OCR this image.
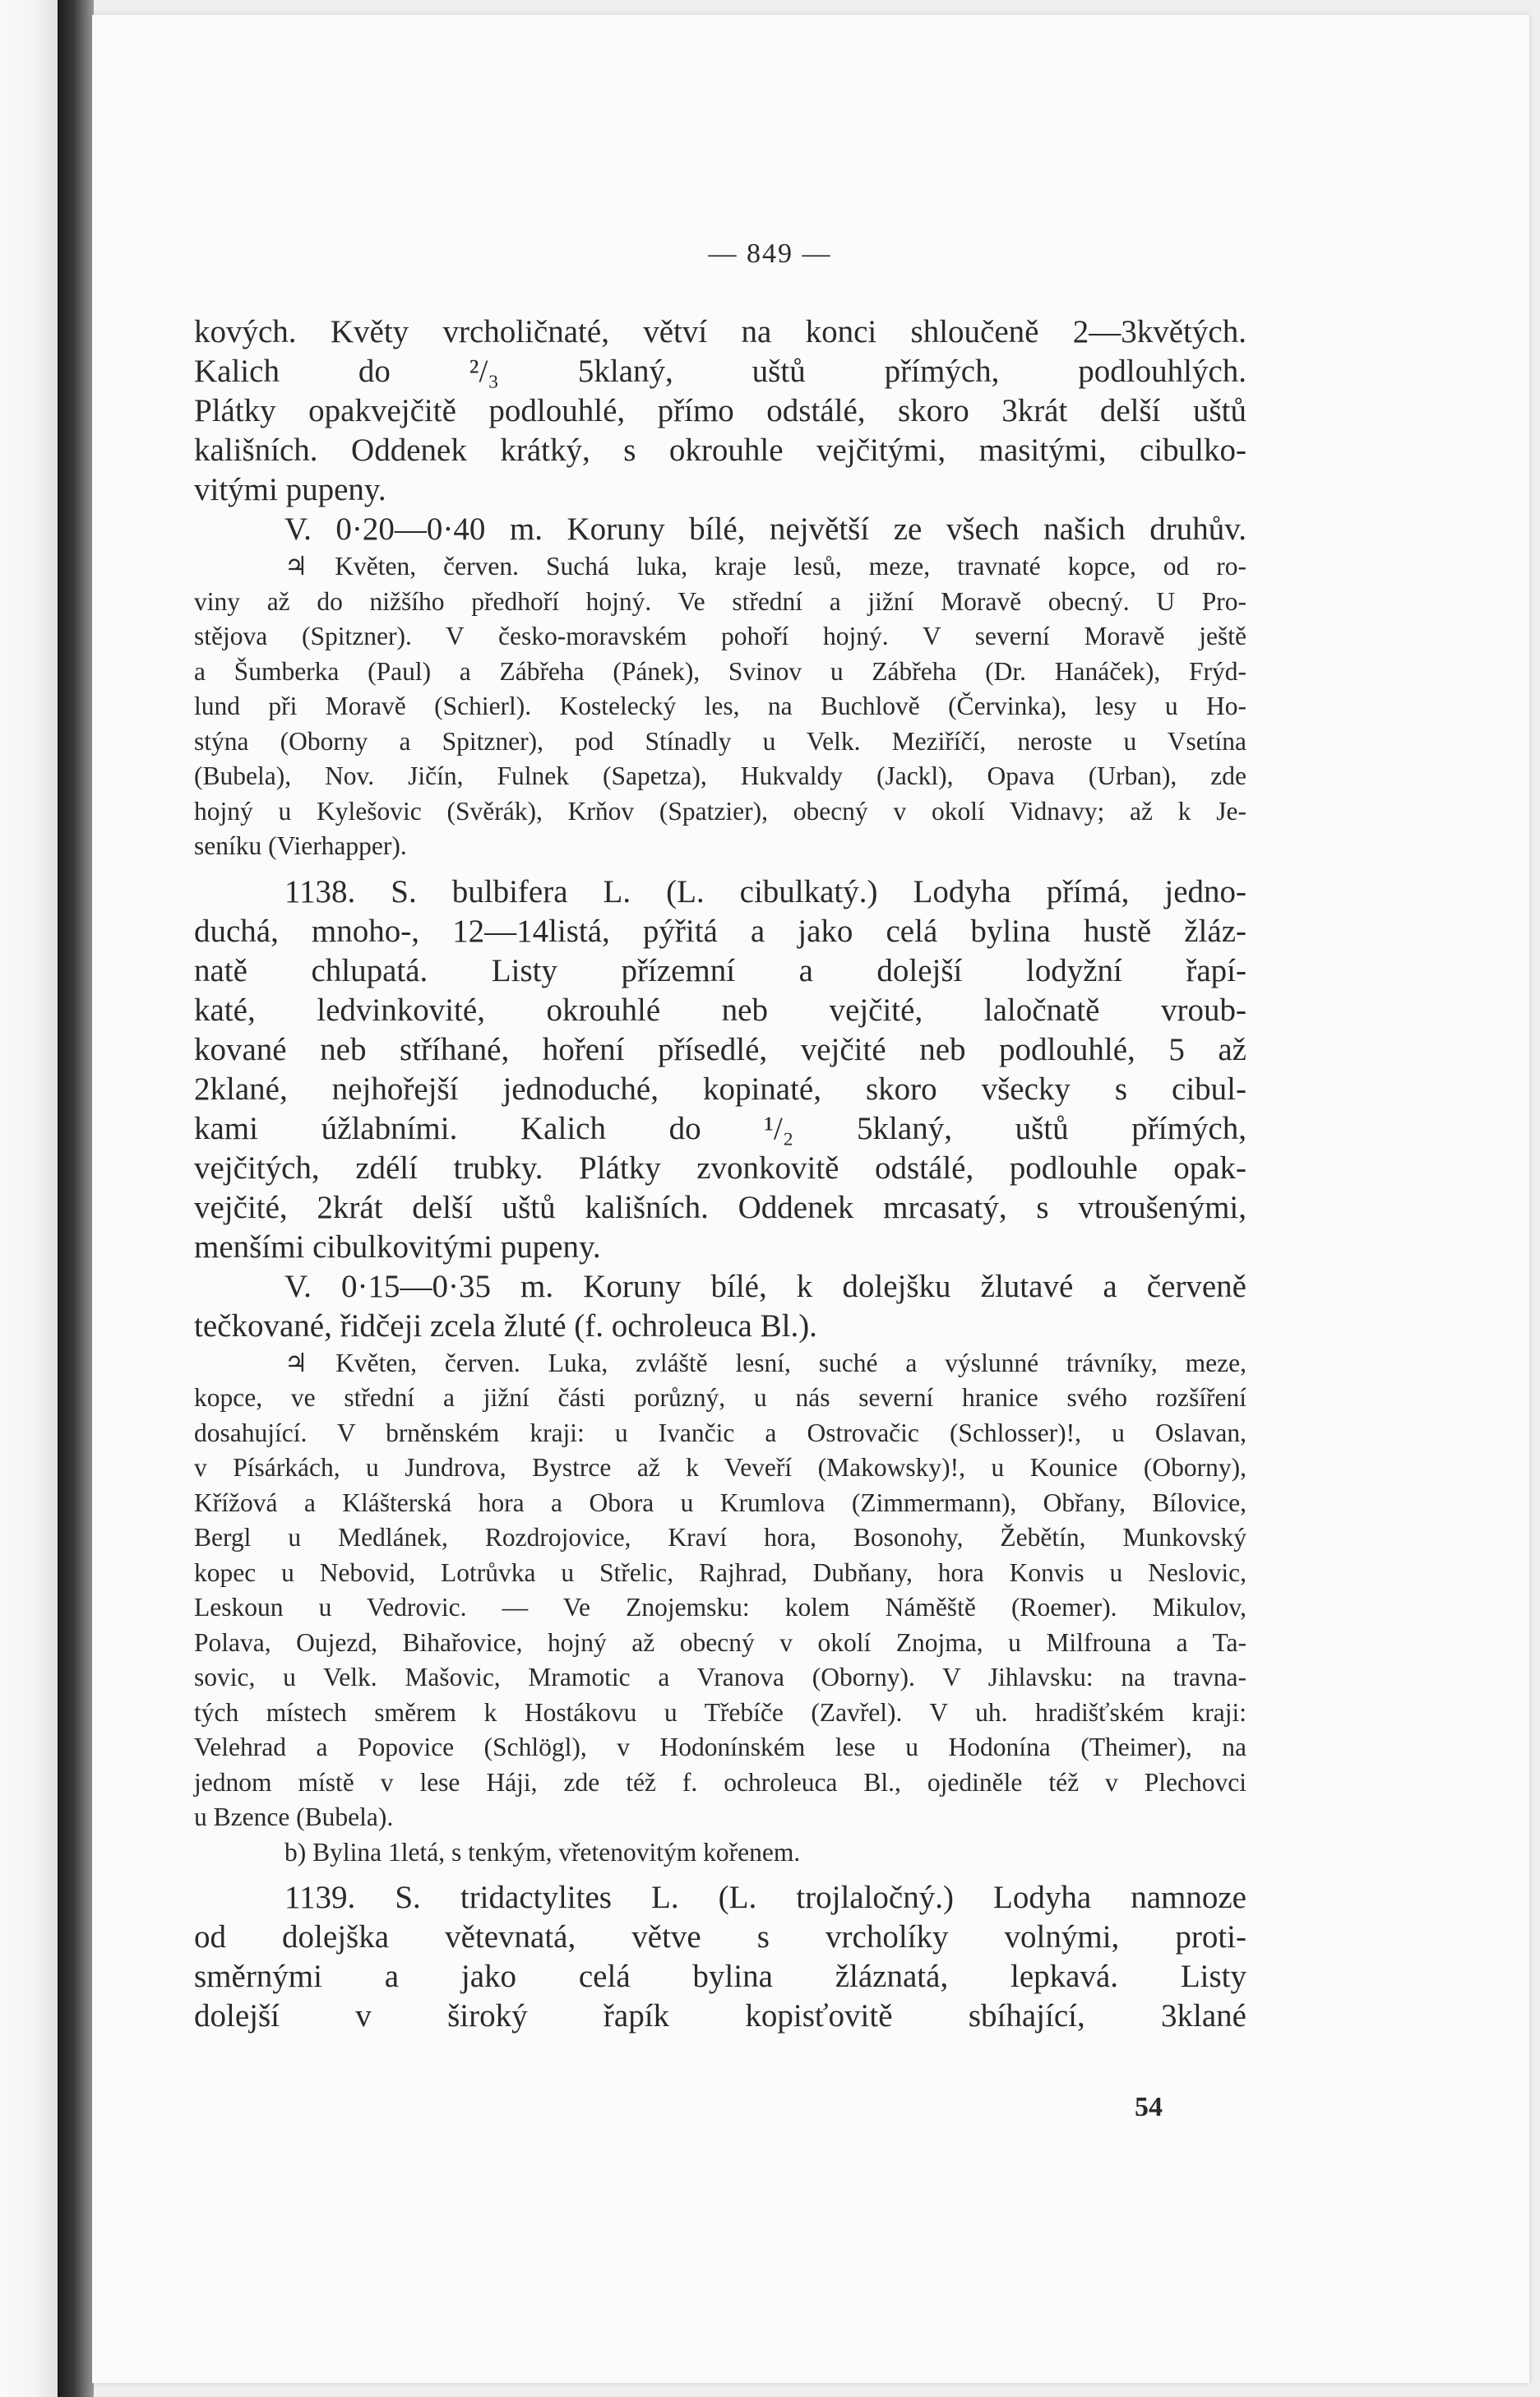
— 849 —
kových. Květy vrcholičnaté, větví na konci shloučeně 2—3květých.
Kalich do ²/₃ 5klaný, uštů přímých, podlouhlých.
Plátky opakvejčitě podlouhlé, přímo odstálé, skoro 3krát delší uštů
kališních. Oddenek krátký, s okrouhle vejčitými, masitými, cibulko-
vitými pupeny.
V. 0·20—0·40 m. Koruny bílé, největší ze všech našich druhův.
♃ Květen, červen. Suchá luka, kraje lesů, meze, travnaté kopce, od ro-
viny až do nižšího předhoří hojný. Ve střední a jižní Moravě obecný. U Pro-
stějova (Spitzner). V česko-moravském pohoří hojný. V severní Moravě ještě
a Šumberka (Paul) a Zábřeha (Pánek), Svinov u Zábřeha (Dr. Hanáček), Frýd-
lund při Moravě (Schierl). Kostelecký les, na Buchlově (Červinka), lesy u Ho-
stýna (Oborny a Spitzner), pod Stínadly u Velk. Meziříčí, neroste u Vsetína
(Bubela), Nov. Jičín, Fulnek (Sapetza), Hukvaldy (Jackl), Opava (Urban), zde
hojný u Kylešovic (Svěrák), Krňov (Spatzier), obecný v okolí Vidnavy; až k Je-
seníku (Vierhapper).
1138. S. bulbifera L. (L. cibulkatý.) Lodyha přímá, jedno-
duchá, mnoho-, 12—14listá, pýřitá a jako celá bylina hustě žláz-
natě chlupatá. Listy přízemní a dolejší lodyžní řapí-
katé, ledvinkovité, okrouhlé neb vejčité, laločnatě vroub-
kované neb stříhané, hoření přísedlé, vejčité neb podlouhlé, 5 až
2klané, nejhořejší jednoduché, kopinaté, skoro všecky s cibul-
kami úžlabními. Kalich do ¹/₂ 5klaný, uštů přímých,
vejčitých, zdélí trubky. Plátky zvonkovitě odstálé, podlouhle opak-
vejčité, 2krát delší uštů kališních. Oddenek mrcasatý, s vtroušenými,
menšími cibulkovitými pupeny.
V. 0·15—0·35 m. Koruny bílé, k dolejšku žlutavé a červeně
tečkované, řidčeji zcela žluté (f. ochroleuca Bl.).
♃ Květen, červen. Luka, zvláště lesní, suché a výslunné trávníky, meze,
kopce, ve střední a jižní části porůzný, u nás severní hranice svého rozšíření
dosahující. V brněnském kraji: u Ivančic a Ostrovačic (Schlosser)!, u Oslavan,
v Písárkách, u Jundrova, Bystrce až k Veveří (Makowsky)!, u Kounice (Oborny),
Křížová a Klášterská hora a Obora u Krumlova (Zimmermann), Obřany, Bílovice,
Bergl u Medlánek, Rozdrojovice, Kraví hora, Bosonohy, Žebětín, Munkovský
kopec u Nebovid, Lotrůvka u Střelic, Rajhrad, Dubňany, hora Konvis u Neslovic,
Leskoun u Vedrovic. — Ve Znojemsku: kolem Náměště (Roemer). Mikulov,
Polava, Oujezd, Bihařovice, hojný až obecný v okolí Znojma, u Milfrouna a Ta-
sovic, u Velk. Mašovic, Mramotic a Vranova (Oborny). V Jihlavsku: na travna-
tých místech směrem k Hostákovu u Třebíče (Zavřel). V uh. hradišťském kraji:
Velehrad a Popovice (Schlögl), v Hodonínském lese u Hodonína (Theimer), na
jednom místě v lese Háji, zde též f. ochroleuca Bl., ojediněle též v Plechovci
u Bzence (Bubela).
b) Bylina 1letá, s tenkým, vřetenovitým kořenem.
1139. S. tridactylites L. (L. trojlaločný.) Lodyha namnoze
od dolejška větevnatá, větve s vrcholíky volnými, proti-
směrnými a jako celá bylina žláznatá, lepkavá. Listy
dolejší v široký řapík kopisťovitě sbíhající, 3klané
54
